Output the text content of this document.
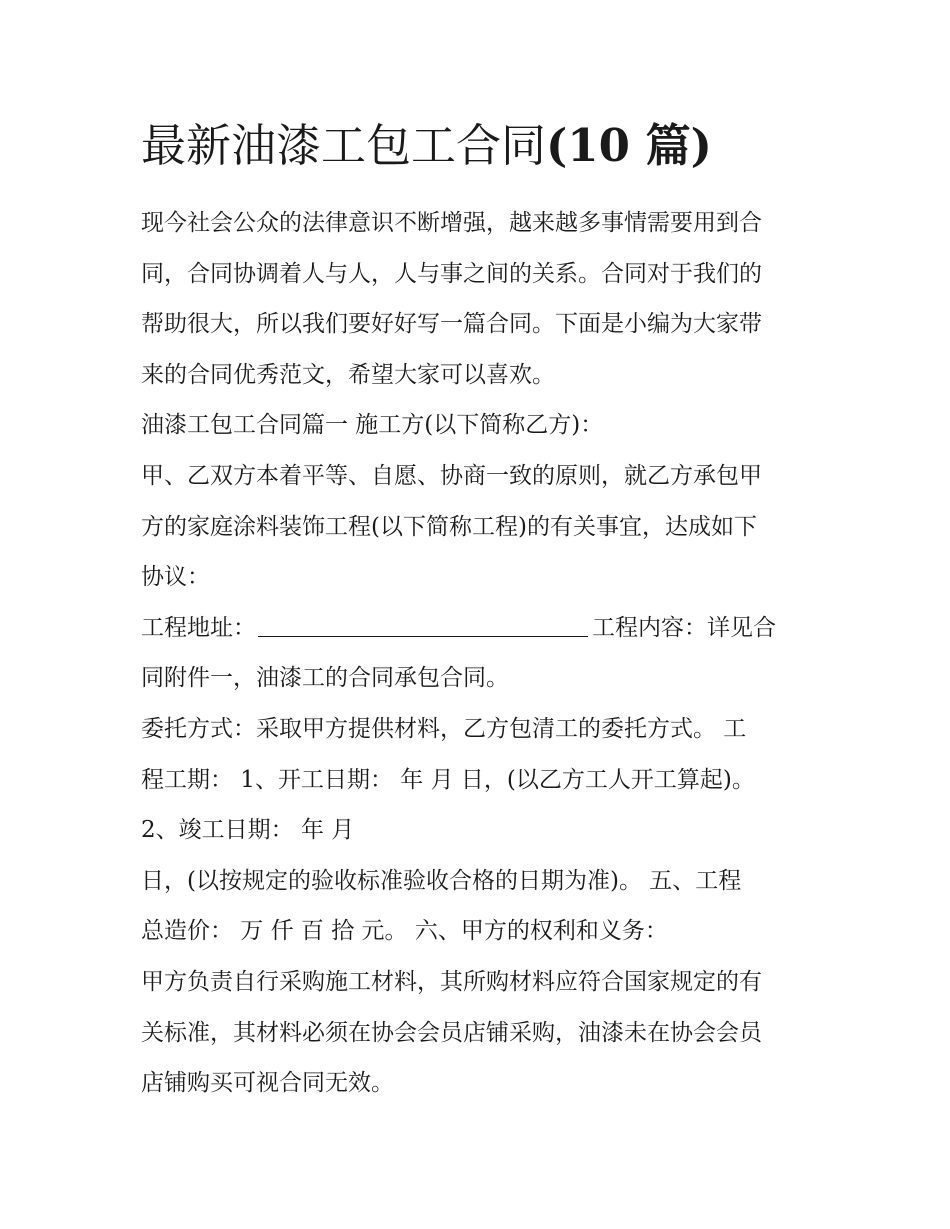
最新油漆工包工合同(10 篇)
现今社会公众的法律意识不断增强，越来越多事情需要用到合
同，合同协调着人与人，人与事之间的关系。合同对于我们的
帮助很大，所以我们要好好写一篇合同。下面是小编为大家带
来的合同优秀范文，希望大家可以喜欢。
油漆工包工合同篇一 施工方(以下简称乙方)：
甲、乙双方本着平等、自愿、协商一致的原则，就乙方承包甲
方的家庭涂料装饰工程(以下简称工程)的有关事宜，达成如下
协议：
工程地址：	工程内容：详见合
同附件一，油漆工的合同承包合同。
委托方式：采取甲方提供材料，乙方包清工的委托方式。 工
程工期： 1、开工日期： 年 月 日，(以乙方工人开工算起)。
2、竣工日期： 年 月
日，(以按规定的验收标准验收合格的日期为准)。 五、工程
总造价： 万 仟 百 拾 元。 六、甲方的权利和义务：
甲方负责自行采购施工材料，其所购材料应符合国家规定的有
关标准，其材料必须在协会会员店铺采购，油漆未在协会会员
店铺购买可视合同无效。
